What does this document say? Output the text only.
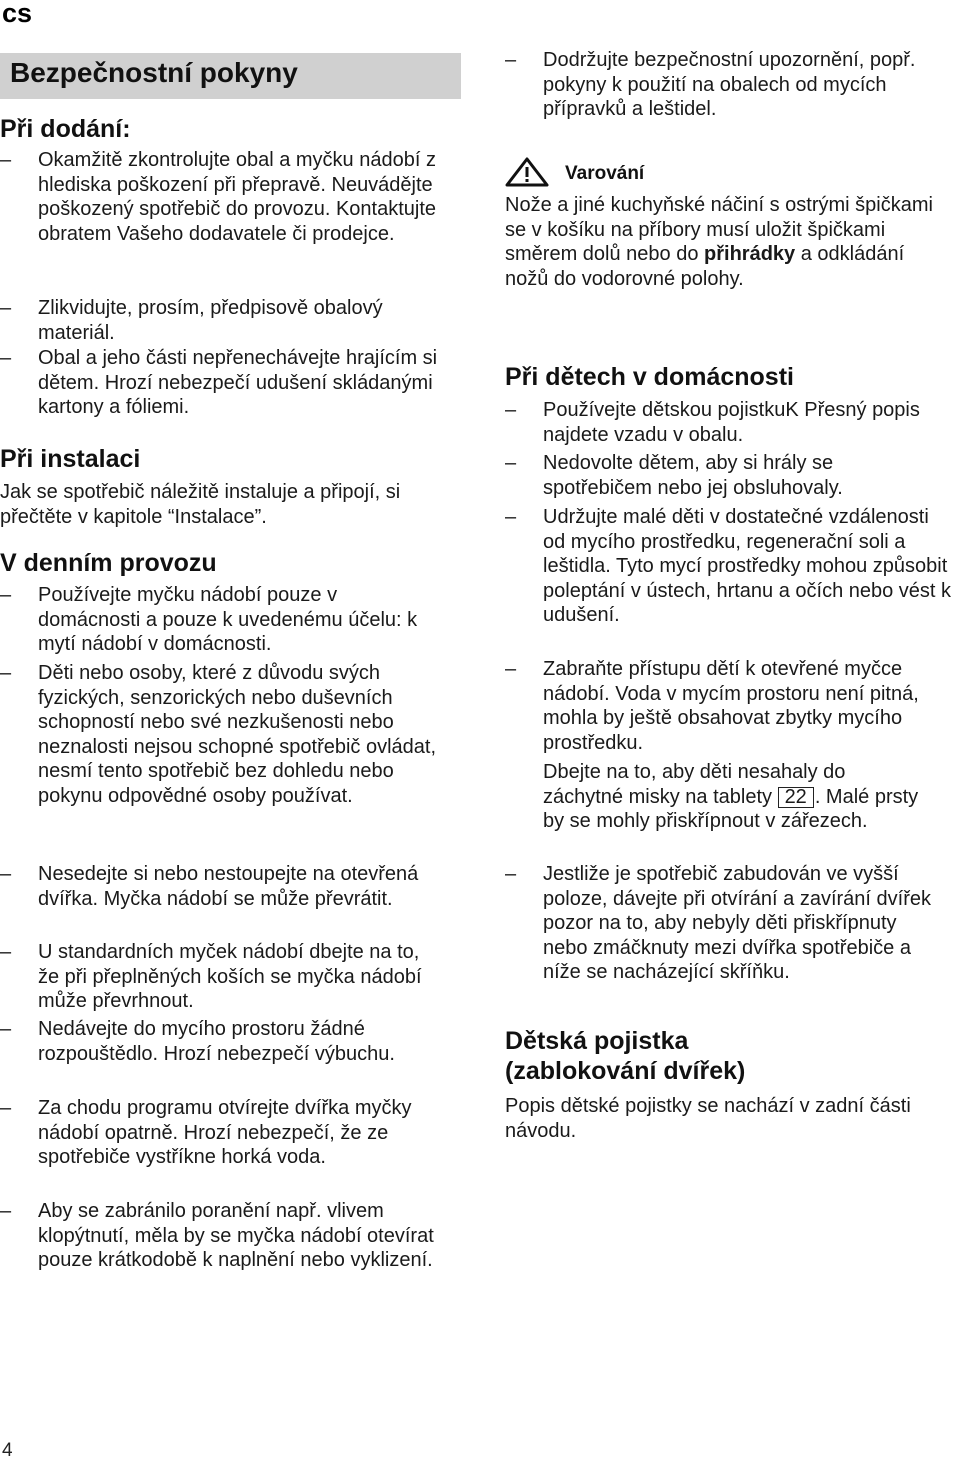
cs
Bezpečnostní pokyny
Při dodání:
–	Okamžitě zkontrolujte obal a myčku nádobí z hlediska poškození při přepravě. Neuvádějte poškozený spotřebič do provozu. Kontaktujte obratem Vašeho dodavatele či prodejce.
–	Zlikvidujte, prosím, předpisově obalový materiál.
–	Obal a jeho části nepřenechávejte hrajícím si dětem. Hrozí nebezpečí udušení skládanými kartony a fóliemi.
Při instalaci
Jak se spotřebič náležitě instaluje a připojí, si přečtěte v kapitole “Instalace”.
V denním provozu
–	Používejte myčku nádobí pouze v domácnosti a pouze k uvedenému účelu: k mytí nádobí v domácnosti.
–	Děti nebo osoby, které z důvodu svých fyzických, senzorických nebo duševních schopností nebo své nezkušenosti nebo neznalosti nejsou schopné spotřebič ovládat, nesmí tento spotřebič bez dohledu nebo pokynu odpovědné osoby používat.
–	Nesedejte si nebo nestoupejte na otevřená dvířka. Myčka nádobí se může převrátit.
–	U standardních myček nádobí dbejte na to, že při přeplněných koších se myčka nádobí může převrhnout.
–	Nedávejte do mycího prostoru žádné rozpouštědlo. Hrozí nebezpečí výbuchu.
–	Za chodu programu otvírejte dvířka myčky nádobí opatrně. Hrozí nebezpečí, že ze spotřebiče vystříkne horká voda.
–	Aby se zabránilo poranění např. vlivem klopýtnutí, měla by se myčka nádobí otevírat pouze krátkodobě k naplnění nebo vyklizení.
–	Dodržujte bezpečnostní upozornění, popř. pokyny k použití na obalech od mycích přípravků a leštidel.
Varování
Nože a jiné kuchyňské náčiní s ostrými špičkami se v košíku na příbory musí uložit špičkami směrem dolů nebo do přihrádky a odkládání nožů do vodorovné polohy.
Při dětech v domácnosti
–	Používejte dětskou pojistkuK Přesný popis najdete vzadu v obalu.
–	Nedovolte dětem, aby si hrály se spotřebičem nebo jej obsluhovaly.
–	Udržujte malé děti v dostatečné vzdálenosti od mycího prostředku, regenerační soli a leštidla. Tyto mycí prostředky mohou způsobit poleptání v ústech, hrtanu a očích nebo vést k udušení.
–	Zabraňte přístupu dětí k otevřené myčce nádobí. Voda v mycím prostoru není pitná, mohla by ještě obsahovat zbytky mycího prostředku.
Dbejte na to, aby děti nesahaly do záchytné misky na tablety 22 . Malé prsty by se mohly přiskřípnout v zářezech.
–	Jestliže je spotřebič zabudován ve vyšší poloze, dávejte při otvírání a zavírání dvířek pozor na to, aby nebyly děti přiskřípnuty nebo zmáčknuty mezi dvířka spotřebiče a níže se nacházející skříňku.
Dětská pojistka
(zablokování dvířek)
Popis dětské pojistky se nachází v zadní části návodu.
4
